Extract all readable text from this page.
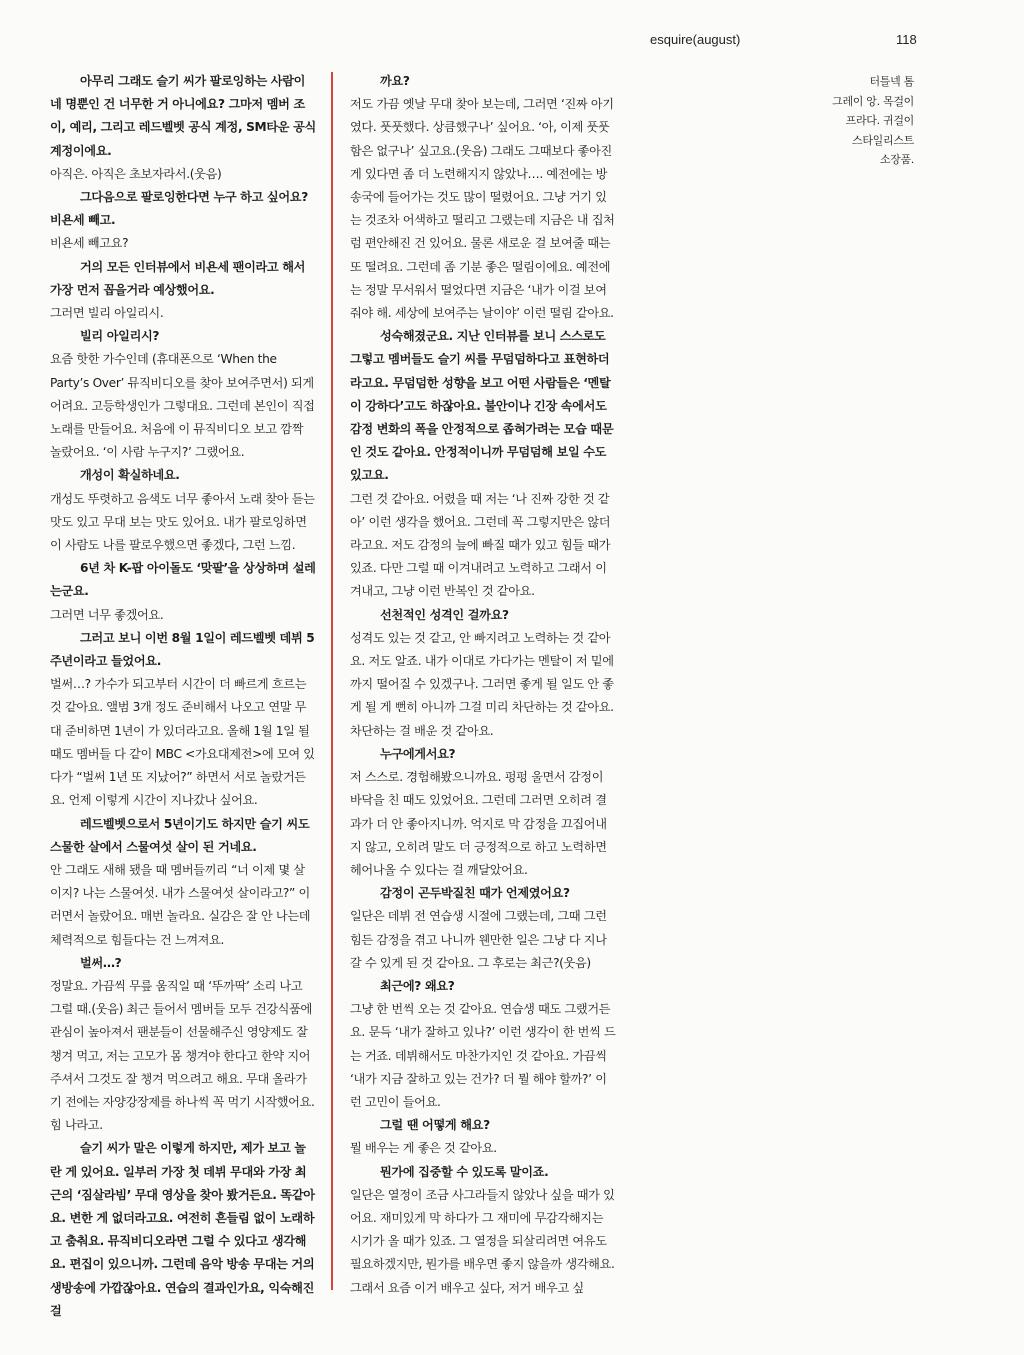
esquire(august)	118

아무리 그래도 슬기 씨가 팔로잉하는 사람이 네 명뿐인 건 너무한 거 아니에요? 그마저 멤버 조이, 예리, 그리고 레드벨벳 공식 계정, SM타운 공식 계정이에요.

아직은. 아직은 초보자라서.(웃음)

그다음으로 팔로잉한다면 누구 하고 싶어요? 비욘세 빼고.

비욘세 빼고요?

거의 모든 인터뷰에서 비욘세 팬이라고 해서 가장 먼저 꼽을거라 예상했어요.

그러면 빌리 아일리시.

빌리 아일리시?

요즘 핫한 가수인데 (휴대폰으로 ‘When the Party’s Over’ 뮤직비디오를 찾아 보여주면서) 되게 어려요. 고등학생인가 그렇대요. 그런데 본인이 직접 노래를 만들어요. 처음에 이 뮤직비디오 보고 깜짝 놀랐어요. ‘이 사람 누구지?’ 그랬어요.

개성이 확실하네요.

개성도 뚜렷하고 음색도 너무 좋아서 노래 찾아 듣는 맛도 있고 무대 보는 맛도 있어요. 내가 팔로잉하면 이 사람도 나를 팔로우했으면 좋겠다, 그런 느낌.

6년 차 K-팝 아이돌도 ‘맞팔’을 상상하며 설레는군요.

그러면 너무 좋겠어요.

그러고 보니 이번 8월 1일이 레드벨벳 데뷔 5주년이라고 들었어요.

벌써…? 가수가 되고부터 시간이 더 빠르게 흐르는 것 같아요. 앨범 3개 정도 준비해서 나오고 연말 무대 준비하면 1년이 가 있더라고요. 올해 1월 1일 될 때도 멤버들 다 같이 MBC <가요대제전>에 모여 있다가 “벌써 1년 또 지났어?” 하면서 서로 놀랐거든요. 언제 이렇게 시간이 지나갔나 싶어요.

레드벨벳으로서 5년이기도 하지만 슬기 씨도 스물한 살에서 스물여섯 살이 된 거네요.

안 그래도 새해 됐을 때 멤버들끼리 “너 이제 몇 살이지? 나는 스물여섯. 내가 스물여섯 살이라고?” 이러면서 놀랐어요. 매번 놀라요. 실감은 잘 안 나는데 체력적으로 힘들다는 건 느껴져요.

벌써…?

정말요. 가끔씩 무릎 움직일 때 ‘뚜까딱’ 소리 나고 그럴 때.(웃음) 최근 들어서 멤버들 모두 건강식품에 관심이 높아져서 팬분들이 선물해주신 영양제도 잘 챙겨 먹고, 저는 고모가 몸 챙겨야 한다고 한약 지어주셔서 그것도 잘 챙겨 먹으려고 해요. 무대 올라가기 전에는 자양강장제를 하나씩 꼭 먹기 시작했어요. 힘 나라고.

슬기 씨가 말은 이렇게 하지만, 제가 보고 놀란 게 있어요. 일부러 가장 첫 데뷔 무대와 가장 최근의 ‘짐살라빔’ 무대 영상을 찾아 봤거든요. 똑같아요. 변한 게 없더라고요. 여전히 흔들림 없이 노래하고 춤춰요. 뮤직비디오라면 그럴 수 있다고 생각해요. 편집이 있으니까. 그런데 음악 방송 무대는 거의 생방송에 가깝잖아요. 연습의 결과인가요, 익숙해진 걸

까요?

저도 가끔 옛날 무대 찾아 보는데, 그러면 ‘진짜 아기였다. 풋풋했다. 상큼했구나’ 싶어요. ‘아, 이제 풋풋함은 없구나’ 싶고요.(웃음) 그래도 그때보다 좋아진 게 있다면 좀 더 노련해지지 않았나…. 예전에는 방송국에 들어가는 것도 많이 떨렸어요. 그냥 거기 있는 것조차 어색하고 떨리고 그랬는데 지금은 내 집처럼 편안해진 건 있어요. 물론 새로운 걸 보여줄 때는 또 떨려요. 그런데 좀 기분 좋은 떨림이에요. 예전에는 정말 무서워서 떨었다면 지금은 ‘내가 이걸 보여줘야 해. 세상에 보여주는 날이야’ 이런 떨림 같아요.

성숙해졌군요. 지난 인터뷰를 보니 스스로도 그렇고 멤버들도 슬기 씨를 무덤덤하다고 표현하더라고요. 무덤덤한 성향을 보고 어떤 사람들은 ‘멘탈이 강하다’고도 하잖아요. 불안이나 긴장 속에서도 감정 변화의 폭을 안정적으로 좁혀가려는 모습 때문인 것도 같아요. 안정적이니까 무덤덤해 보일 수도 있고요.

그런 것 같아요. 어렸을 때 저는 ‘나 진짜 강한 것 같아’ 이런 생각을 했어요. 그런데 꼭 그렇지만은 않더라고요. 저도 감정의 늪에 빠질 때가 있고 힘들 때가 있죠. 다만 그럴 때 이겨내려고 노력하고 그래서 이겨내고, 그냥 이런 반복인 것 같아요.

선천적인 성격인 걸까요?

성격도 있는 것 같고, 안 빠지려고 노력하는 것 같아요. 저도 알죠. 내가 이대로 가다가는 멘탈이 저 밑에까지 떨어질 수 있겠구나. 그러면 좋게 될 일도 안 좋게 될 게 뻔히 아니까 그걸 미리 차단하는 것 같아요. 차단하는 걸 배운 것 같아요.

누구에게서요?

저 스스로. 경험해봤으니까요. 펑펑 울면서 감정이 바닥을 친 때도 있었어요. 그런데 그러면 오히려 결과가 더 안 좋아지니까. 억지로 막 감정을 끄집어내지 않고, 오히려 말도 더 긍정적으로 하고 노력하면 헤어나올 수 있다는 걸 깨달았어요.

감정이 곤두박질친 때가 언제였어요?

일단은 데뷔 전 연습생 시절에 그랬는데, 그때 그런 힘든 감정을 겪고 나니까 웬만한 일은 그냥 다 지나갈 수 있게 된 것 같아요. 그 후로는 최근?(웃음)

최근에? 왜요?

그냥 한 번씩 오는 것 같아요. 연습생 때도 그랬거든요. 문득 ‘내가 잘하고 있나?’ 이런 생각이 한 번씩 드는 거죠. 데뷔해서도 마찬가지인 것 같아요. 가끔씩 ‘내가 지금 잘하고 있는 건가? 더 뭘 해야 할까?’ 이런 고민이 들어요.

그럴 땐 어떻게 해요?

뭘 배우는 게 좋은 것 같아요.

뭔가에 집중할 수 있도록 말이죠.

일단은 열정이 조금 사그라들지 않았나 싶을 때가 있어요. 재미있게 막 하다가 그 재미에 무감각해지는 시기가 올 때가 있죠. 그 열정을 되살리려면 여유도 필요하겠지만, 뭔가를 배우면 좋지 않을까 생각해요. 그래서 요즘 이거 배우고 싶다, 저거 배우고 싶

터틀넥 톰
그레이 앙. 목걸이
프라다. 귀걸이
스타일리스트
소장품.
